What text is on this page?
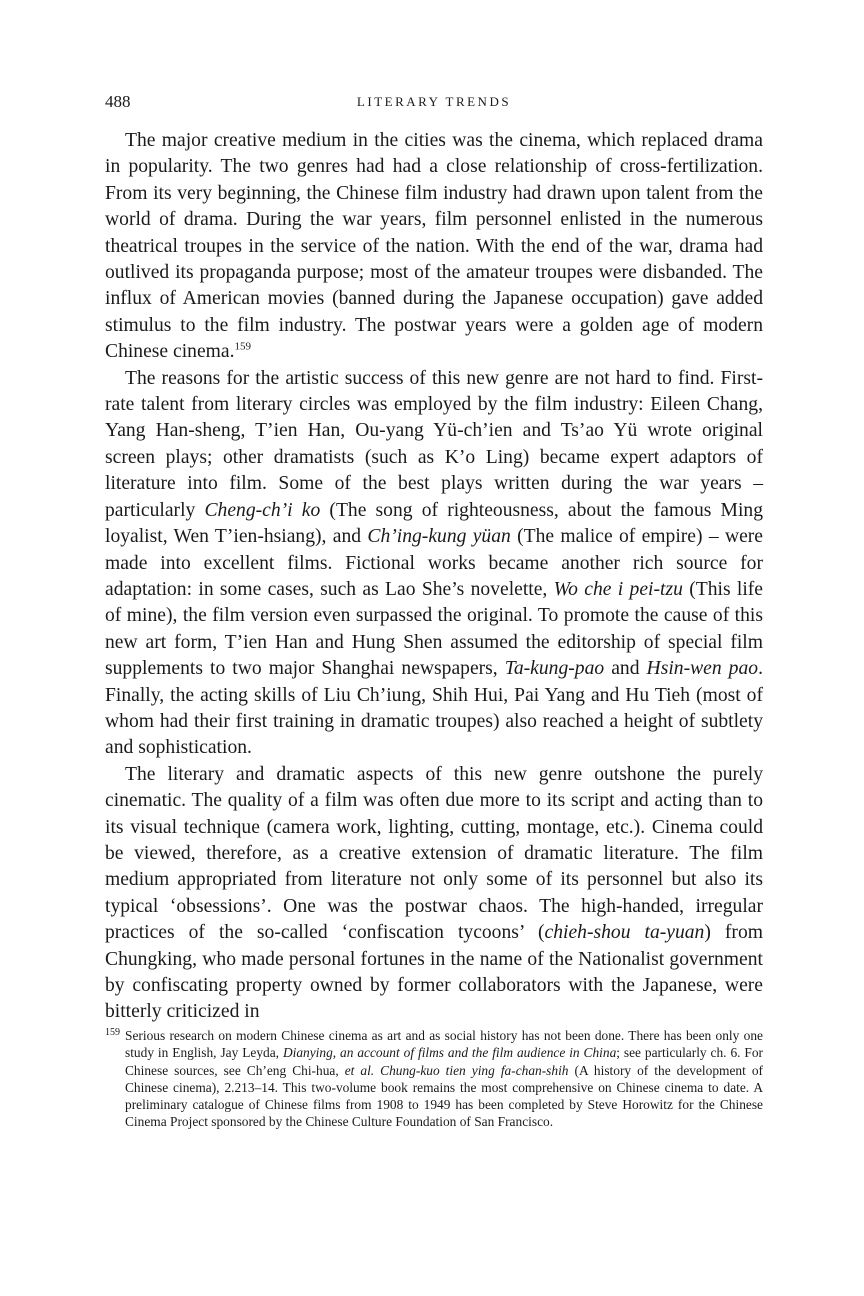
488	LITERARY TRENDS

The major creative medium in the cities was the cinema, which replaced drama in popularity. The two genres had had a close relationship of cross-fertilization. From its very beginning, the Chinese film industry had drawn upon talent from the world of drama. During the war years, film personnel enlisted in the numerous theatrical troupes in the service of the nation. With the end of the war, drama had outlived its propaganda purpose; most of the amateur troupes were disbanded. The influx of American movies (banned during the Japanese occupation) gave added stimulus to the film industry. The postwar years were a golden age of modern Chinese cinema.$^{159}$

The reasons for the artistic success of this new genre are not hard to find. First-rate talent from literary circles was employed by the film industry: Eileen Chang, Yang Han-sheng, T’ien Han, Ou-yang Yü-ch’ien and Ts’ao Yü wrote original screen plays; other dramatists (such as K’o Ling) became expert adaptors of literature into film. Some of the best plays written during the war years – particularly Cheng-ch’i ko (The song of righteousness, about the famous Ming loyalist, Wen T’ien-hsiang), and Ch’ing-kung yüan (The malice of empire) – were made into excellent films. Fictional works became another rich source for adaptation: in some cases, such as Lao She’s novelette, Wo che i pei-tzu (This life of mine), the film version even surpassed the original. To promote the cause of this new art form, T’ien Han and Hung Shen assumed the editorship of special film supplements to two major Shanghai newspapers, Ta-kung-pao and Hsin-wen pao. Finally, the acting skills of Liu Ch’iung, Shih Hui, Pai Yang and Hu Tieh (most of whom had their first training in dramatic troupes) also reached a height of subtlety and sophistication.

The literary and dramatic aspects of this new genre outshone the purely cinematic. The quality of a film was often due more to its script and acting than to its visual technique (camera work, lighting, cutting, montage, etc.). Cinema could be viewed, therefore, as a creative extension of dramatic literature. The film medium appropriated from literature not only some of its personnel but also its typical ‘obsessions’. One was the postwar chaos. The high-handed, irregular practices of the so-called ‘confiscation tycoons’ (chieh-shou ta-yuan) from Chungking, who made personal fortunes in the name of the Nationalist government by confiscating property owned by former collaborators with the Japanese, were bitterly criticized in

159 Serious research on modern Chinese cinema as art and as social history has not been done. There has been only one study in English, Jay Leyda, Dianying, an account of films and the film audience in China; see particularly ch. 6. For Chinese sources, see Ch’eng Chi-hua, et al. Chung-kuo tien ying fa-chan-shih (A history of the development of Chinese cinema), 2.213–14. This two-volume book remains the most comprehensive on Chinese cinema to date. A preliminary catalogue of Chinese films from 1908 to 1949 has been completed by Steve Horowitz for the Chinese Cinema Project sponsored by the Chinese Culture Foundation of San Francisco.
